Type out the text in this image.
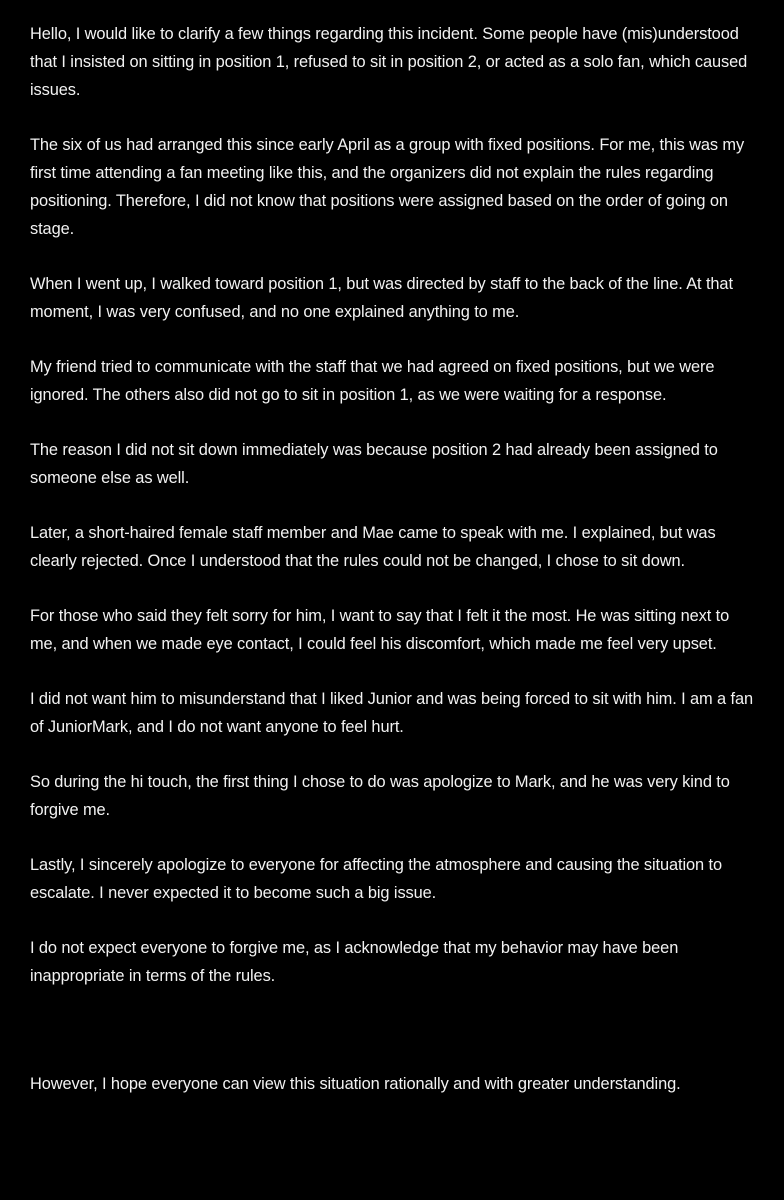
Hello, I would like to clarify a few things regarding this incident. Some people have (mis)understood that I insisted on sitting in position 1, refused to sit in position 2, or acted as a solo fan, which caused issues.

The six of us had arranged this since early April as a group with fixed positions. For me, this was my first time attending a fan meeting like this, and the organizers did not explain the rules regarding positioning. Therefore, I did not know that positions were assigned based on the order of going on stage.

When I went up, I walked toward position 1, but was directed by staff to the back of the line. At that moment, I was very confused, and no one explained anything to me.

My friend tried to communicate with the staff that we had agreed on fixed positions, but we were ignored. The others also did not go to sit in position 1, as we were waiting for a response.

The reason I did not sit down immediately was because position 2 had already been assigned to someone else as well.

Later, a short-haired female staff member and Mae came to speak with me. I explained, but was clearly rejected. Once I understood that the rules could not be changed, I chose to sit down.

For those who said they felt sorry for him, I want to say that I felt it the most. He was sitting next to me, and when we made eye contact, I could feel his discomfort, which made me feel very upset.

I did not want him to misunderstand that I liked Junior and was being forced to sit with him. I am a fan of JuniorMark, and I do not want anyone to feel hurt.

So during the hi touch, the first thing I chose to do was apologize to Mark, and he was very kind to forgive me.

Lastly, I sincerely apologize to everyone for affecting the atmosphere and causing the situation to escalate. I never expected it to become such a big issue.

I do not expect everyone to forgive me, as I acknowledge that my behavior may have been inappropriate in terms of the rules.

However, I hope everyone can view this situation rationally and with greater understanding.
